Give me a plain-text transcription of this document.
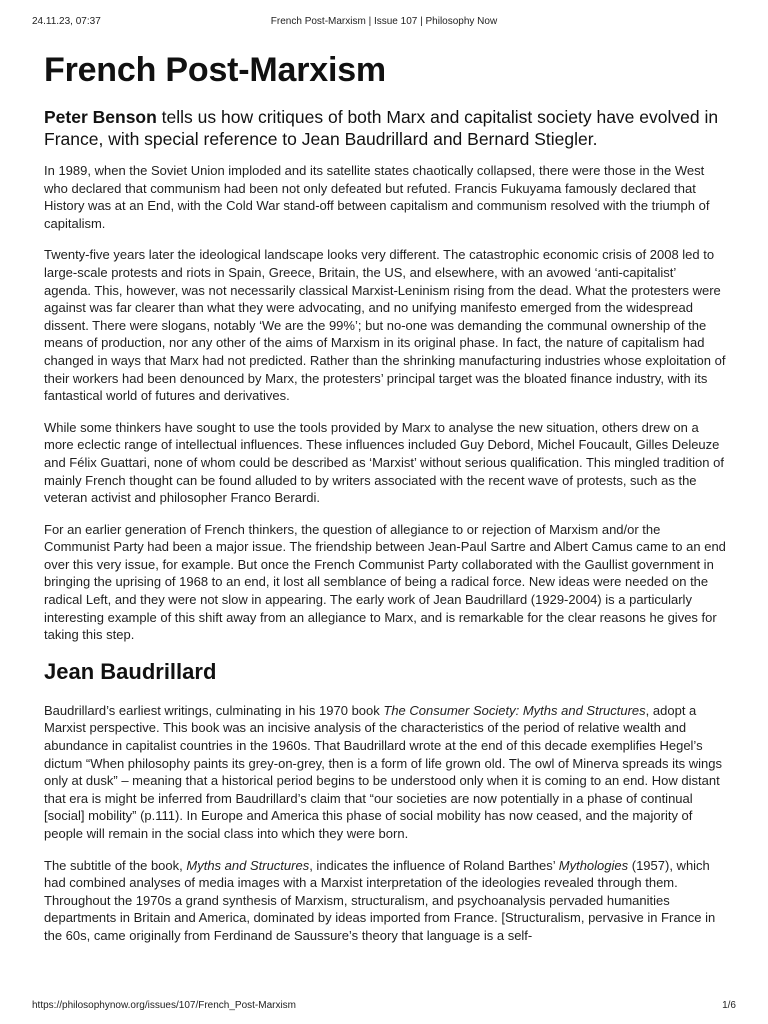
24.11.23, 07:37	French Post-Marxism | Issue 107 | Philosophy Now
French Post-Marxism

Peter Benson tells us how critiques of both Marx and capitalist society have evolved in France, with special reference to Jean Baudrillard and Bernard Stiegler.

In 1989, when the Soviet Union imploded and its satellite states chaotically collapsed, there were those in the West who declared that communism had been not only defeated but refuted. Francis Fukuyama famously declared that History was at an End, with the Cold War stand-off between capitalism and communism resolved with the triumph of capitalism.

Twenty-five years later the ideological landscape looks very different. The catastrophic economic crisis of 2008 led to large-scale protests and riots in Spain, Greece, Britain, the US, and elsewhere, with an avowed ‘anti-capitalist’ agenda. This, however, was not necessarily classical Marxist-Leninism rising from the dead. What the protesters were against was far clearer than what they were advocating, and no unifying manifesto emerged from the widespread dissent. There were slogans, notably ‘We are the 99%’; but no-one was demanding the communal ownership of the means of production, nor any other of the aims of Marxism in its original phase. In fact, the nature of capitalism had changed in ways that Marx had not predicted. Rather than the shrinking manufacturing industries whose exploitation of their workers had been denounced by Marx, the protesters’ principal target was the bloated finance industry, with its fantastical world of futures and derivatives.

While some thinkers have sought to use the tools provided by Marx to analyse the new situation, others drew on a more eclectic range of intellectual influences. These influences included Guy Debord, Michel Foucault, Gilles Deleuze and Félix Guattari, none of whom could be described as ‘Marxist’ without serious qualification. This mingled tradition of mainly French thought can be found alluded to by writers associated with the recent wave of protests, such as the veteran activist and philosopher Franco Berardi.

For an earlier generation of French thinkers, the question of allegiance to or rejection of Marxism and/or the Communist Party had been a major issue. The friendship between Jean-Paul Sartre and Albert Camus came to an end over this very issue, for example. But once the French Communist Party collaborated with the Gaullist government in bringing the uprising of 1968 to an end, it lost all semblance of being a radical force. New ideas were needed on the radical Left, and they were not slow in appearing. The early work of Jean Baudrillard (1929-2004) is a particularly interesting example of this shift away from an allegiance to Marx, and is remarkable for the clear reasons he gives for taking this step.

Jean Baudrillard

Baudrillard’s earliest writings, culminating in his 1970 book The Consumer Society: Myths and Structures, adopt a Marxist perspective. This book was an incisive analysis of the characteristics of the period of relative wealth and abundance in capitalist countries in the 1960s. That Baudrillard wrote at the end of this decade exemplifies Hegel’s dictum “When philosophy paints its grey-on-grey, then is a form of life grown old. The owl of Minerva spreads its wings only at dusk” – meaning that a historical period begins to be understood only when it is coming to an end. How distant that era is might be inferred from Baudrillard’s claim that “our societies are now potentially in a phase of continual [social] mobility” (p.111). In Europe and America this phase of social mobility has now ceased, and the majority of people will remain in the social class into which they were born.

The subtitle of the book, Myths and Structures, indicates the influence of Roland Barthes’ Mythologies (1957), which had combined analyses of media images with a Marxist interpretation of the ideologies revealed through them. Throughout the 1970s a grand synthesis of Marxism, structuralism, and psychoanalysis pervaded humanities departments in Britain and America, dominated by ideas imported from France. [Structuralism, pervasive in France in the 60s, came originally from Ferdinand de Saussure’s theory that language is a self-

https://philosophynow.org/issues/107/French_Post-Marxism	1/6
